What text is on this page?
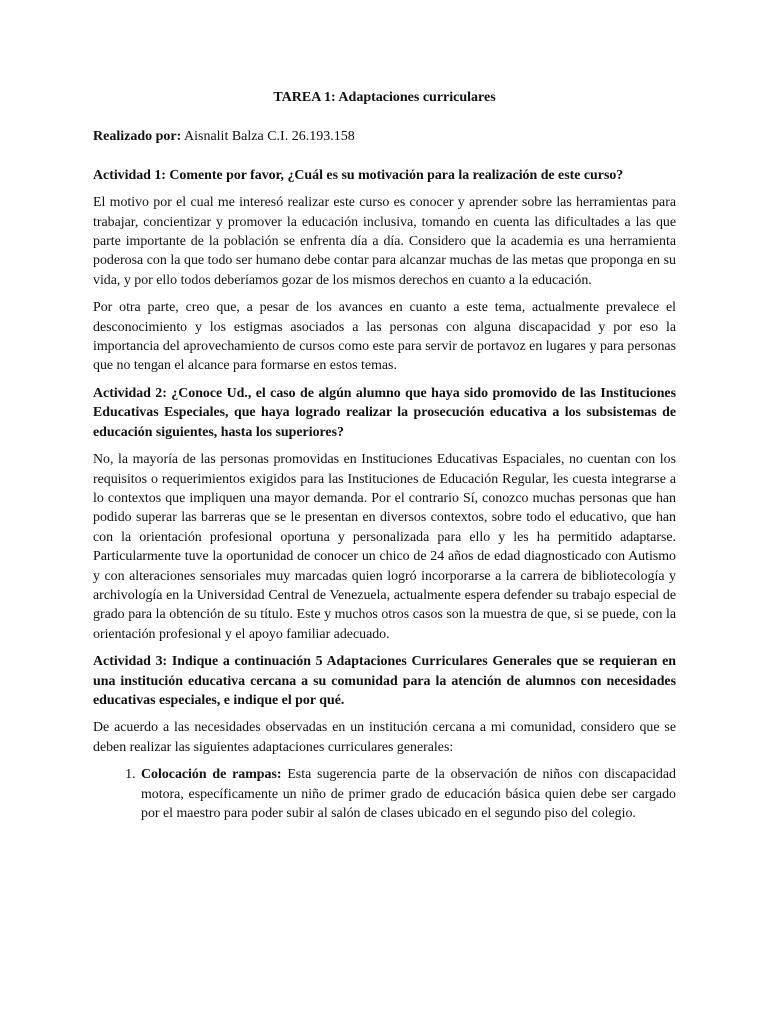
TAREA 1: Adaptaciones curriculares
Realizado por: Aisnalit Balza C.I. 26.193.158

Actividad 1: Comente por favor, ¿Cuál es su motivación para la realización de este curso?

El motivo por el cual me interesó realizar este curso es conocer y aprender sobre las herramientas para trabajar, concientizar y promover la educación inclusiva, tomando en cuenta las dificultades a las que parte importante de la población se enfrenta día a día. Considero que la academia es una herramienta poderosa con la que todo ser humano debe contar para alcanzar muchas de las metas que proponga en su vida, y por ello todos deberíamos gozar de los mismos derechos en cuanto a la educación.

Por otra parte, creo que, a pesar de los avances en cuanto a este tema, actualmente prevalece el desconocimiento y los estigmas asociados a las personas con alguna discapacidad y por eso la importancia del aprovechamiento de cursos como este para servir de portavoz en lugares y para personas que no tengan el alcance para formarse en estos temas.

Actividad 2: ¿Conoce Ud., el caso de algún alumno que haya sido promovido de las Instituciones Educativas Especiales, que haya logrado realizar la prosecución educativa a los subsistemas de educación siguientes, hasta los superiores?

No, la mayoría de las personas promovidas en Instituciones Educativas Espaciales, no cuentan con los requisitos o requerimientos exigidos para las Instituciones de Educación Regular, les cuesta integrarse a lo contextos que impliquen una mayor demanda. Por el contrario Sí, conozco muchas personas que han podido superar las barreras que se le presentan en diversos contextos, sobre todo el educativo, que han con la orientación profesional oportuna y personalizada para ello y les ha permitido adaptarse. Particularmente tuve la oportunidad de conocer un chico de 24 años de edad diagnosticado con Autismo y con alteraciones sensoriales muy marcadas quien logró incorporarse a la carrera de bibliotecología y archivología en la Universidad Central de Venezuela, actualmente espera defender su trabajo especial de grado para la obtención de su título. Este y muchos otros casos son la muestra de que, si se puede, con la orientación profesional y el apoyo familiar adecuado.

Actividad 3: Indique a continuación 5 Adaptaciones Curriculares Generales que se requieran en una institución educativa cercana a su comunidad para la atención de alumnos con necesidades educativas especiales, e indique el por qué.

De acuerdo a las necesidades observadas en un institución cercana a mi comunidad, considero que se deben realizar las siguientes adaptaciones curriculares generales:

1. Colocación de rampas: Esta sugerencia parte de la observación de niños con discapacidad motora, específicamente un niño de primer grado de educación básica quien debe ser cargado por el maestro para poder subir al salón de clases ubicado en el segundo piso del colegio.
